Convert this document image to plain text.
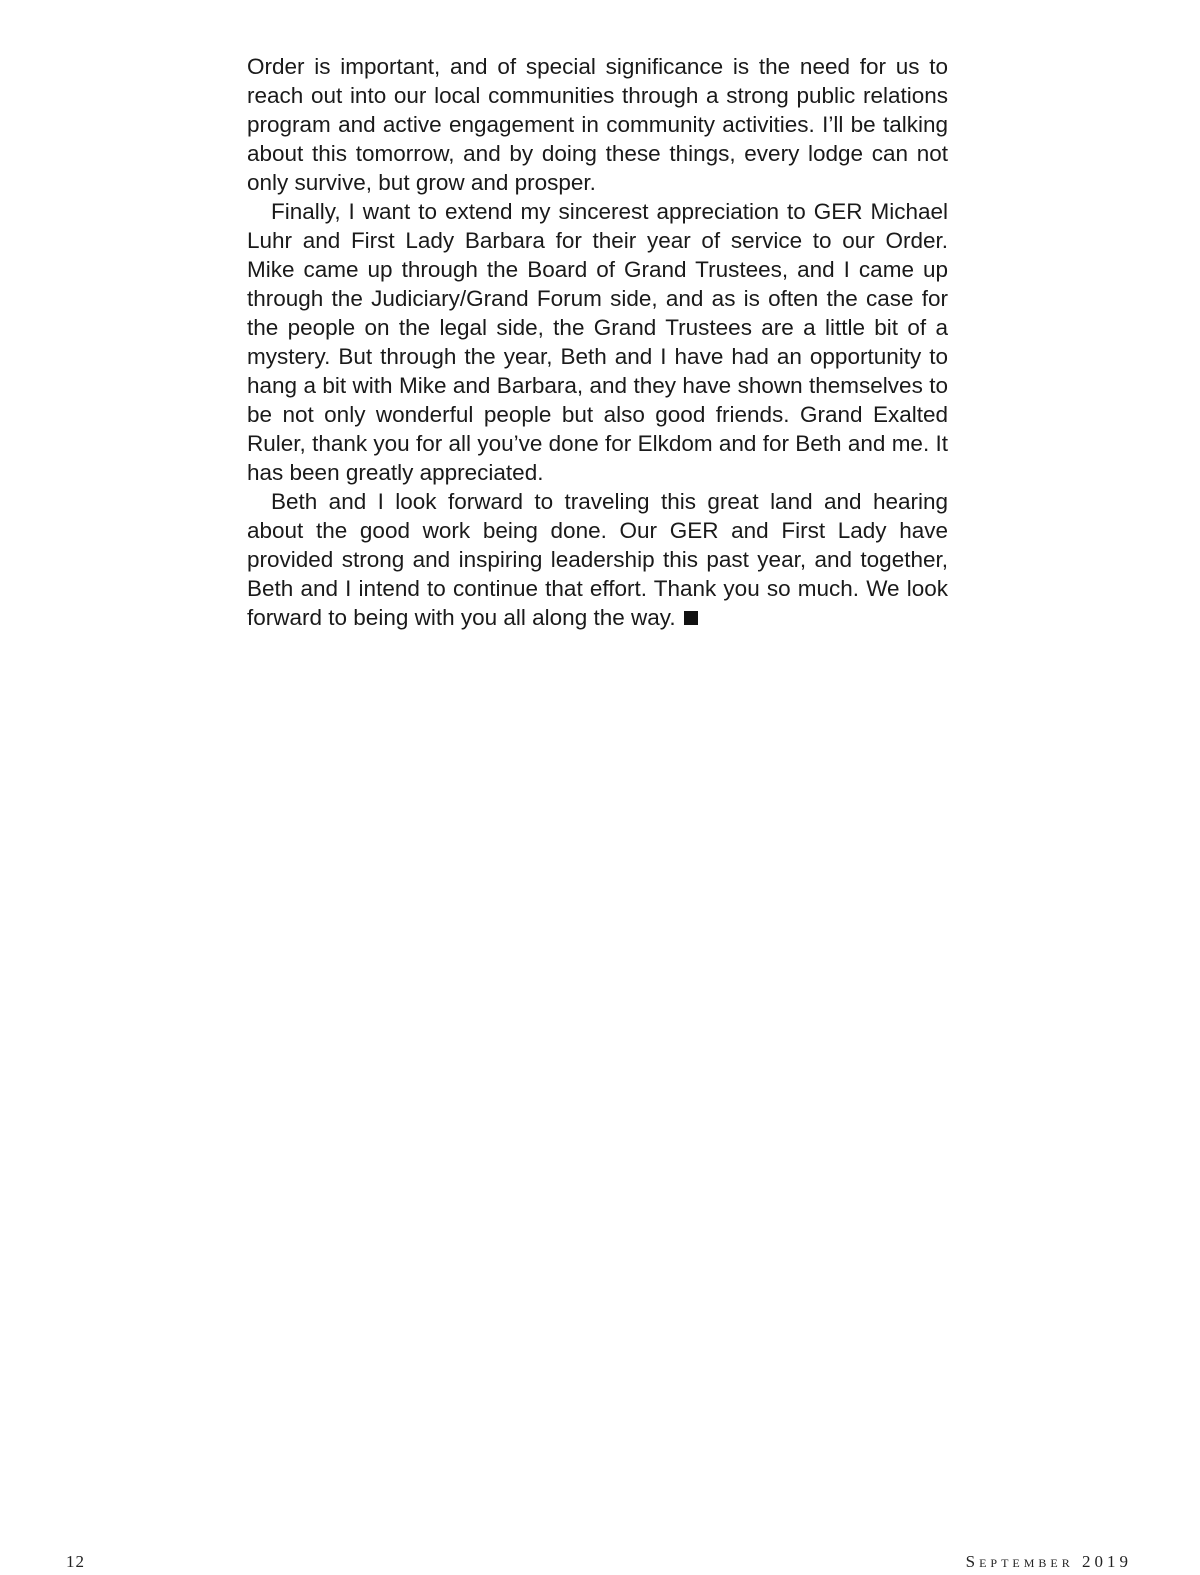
Order is important, and of special significance is the need for us to reach out into our local communities through a strong public relations program and active engagement in community activities. I’ll be talking about this tomorrow, and by doing these things, every lodge can not only survive, but grow and prosper.

Finally, I want to extend my sincerest appreciation to GER Michael Luhr and First Lady Barbara for their year of service to our Order. Mike came up through the Board of Grand Trustees, and I came up through the Judiciary/Grand Forum side, and as is often the case for the people on the legal side, the Grand Trustees are a little bit of a mystery. But through the year, Beth and I have had an opportunity to hang a bit with Mike and Barbara, and they have shown themselves to be not only wonderful people but also good friends. Grand Exalted Ruler, thank you for all you’ve done for Elkdom and for Beth and me. It has been greatly appreciated.

Beth and I look forward to traveling this great land and hearing about the good work being done. Our GER and First Lady have provided strong and inspiring leadership this past year, and together, Beth and I intend to continue that effort. Thank you so much. We look forward to being with you all along the way.

12	September 2019
